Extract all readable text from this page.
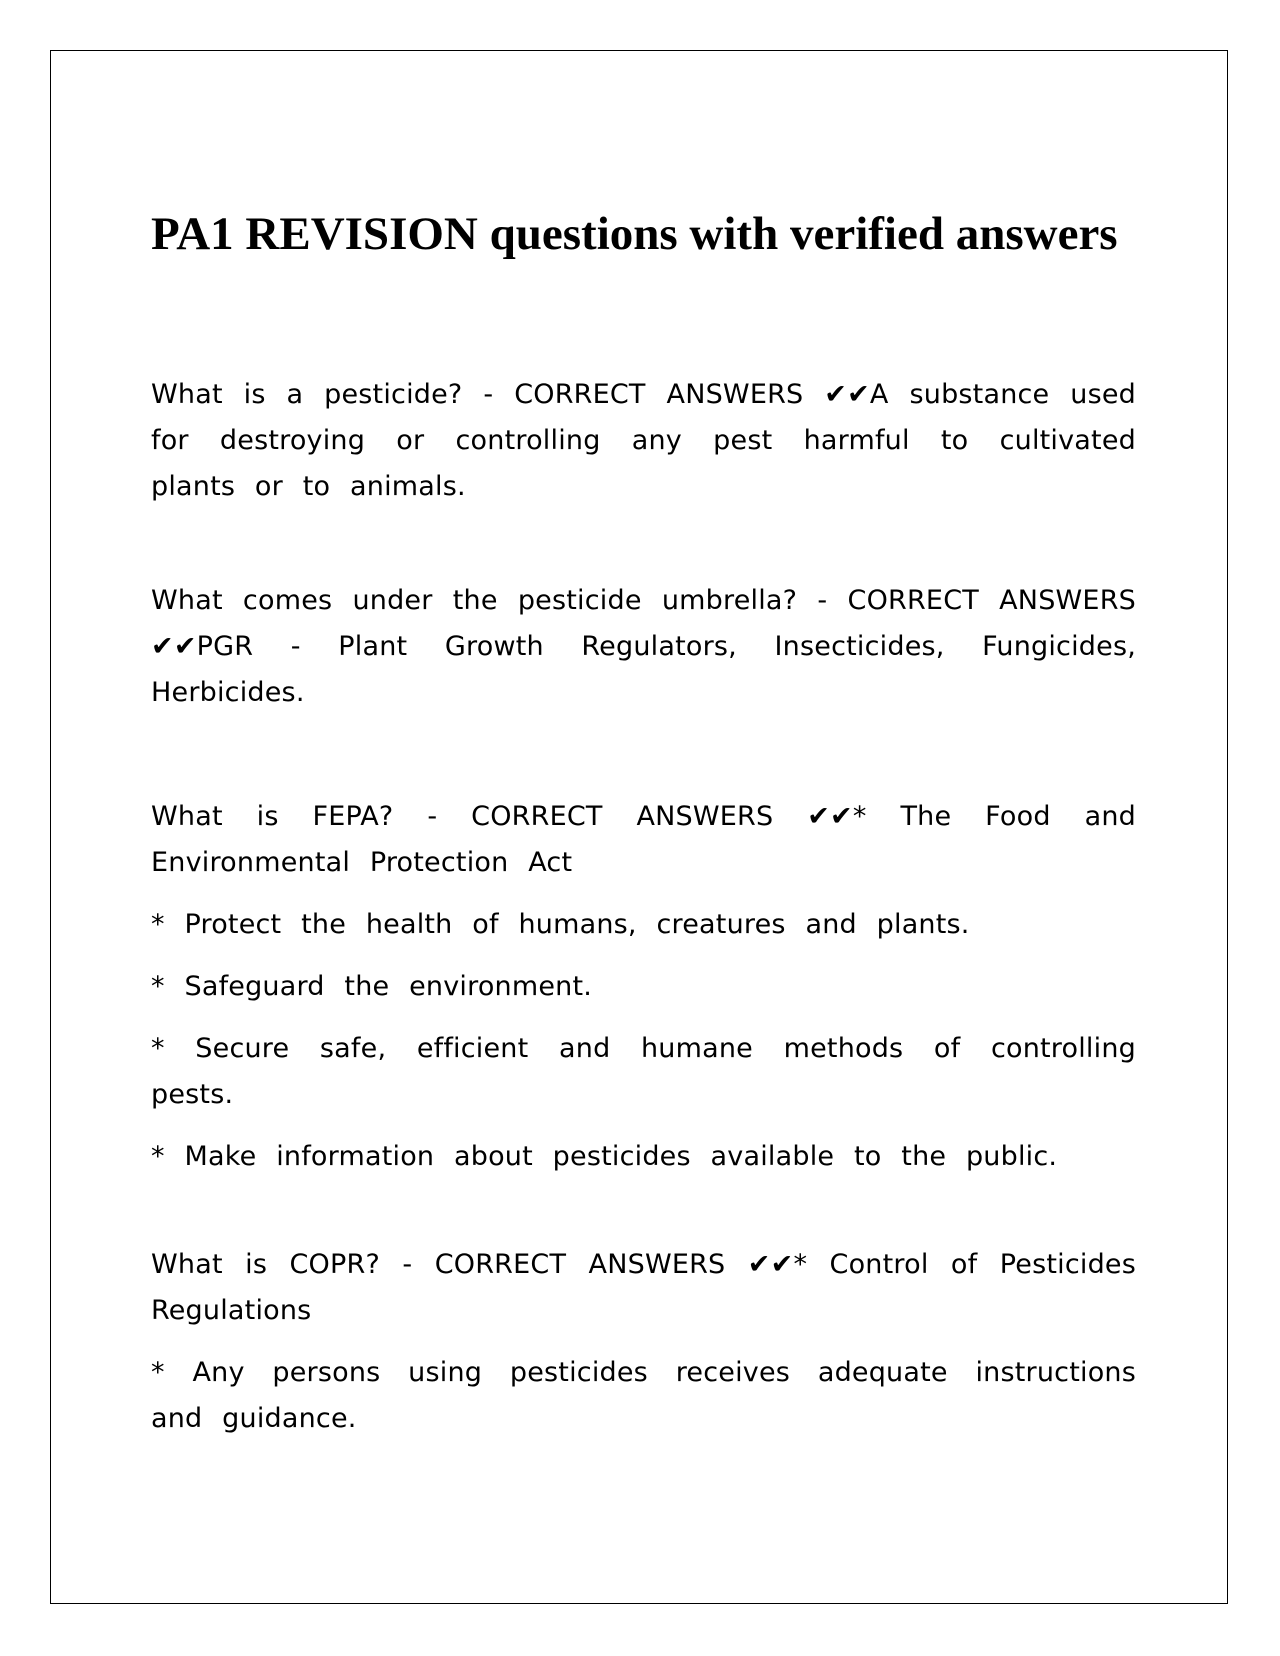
PA1 REVISION questions with verified answers

What is a pesticide? - CORRECT ANSWERS ✔✔A substance used for destroying or controlling any pest harmful to cultivated plants or to animals.

What comes under the pesticide umbrella? - CORRECT ANSWERS ✔✔PGR - Plant Growth Regulators, Insecticides, Fungicides, Herbicides.

What is FEPA? - CORRECT ANSWERS ✔✔* The Food and Environmental Protection Act

* Protect the health of humans, creatures and plants.

* Safeguard the environment.

* Secure safe, efficient and humane methods of controlling pests.

* Make information about pesticides available to the public.

What is COPR? - CORRECT ANSWERS ✔✔* Control of Pesticides Regulations

* Any persons using pesticides receives adequate instructions and guidance.
